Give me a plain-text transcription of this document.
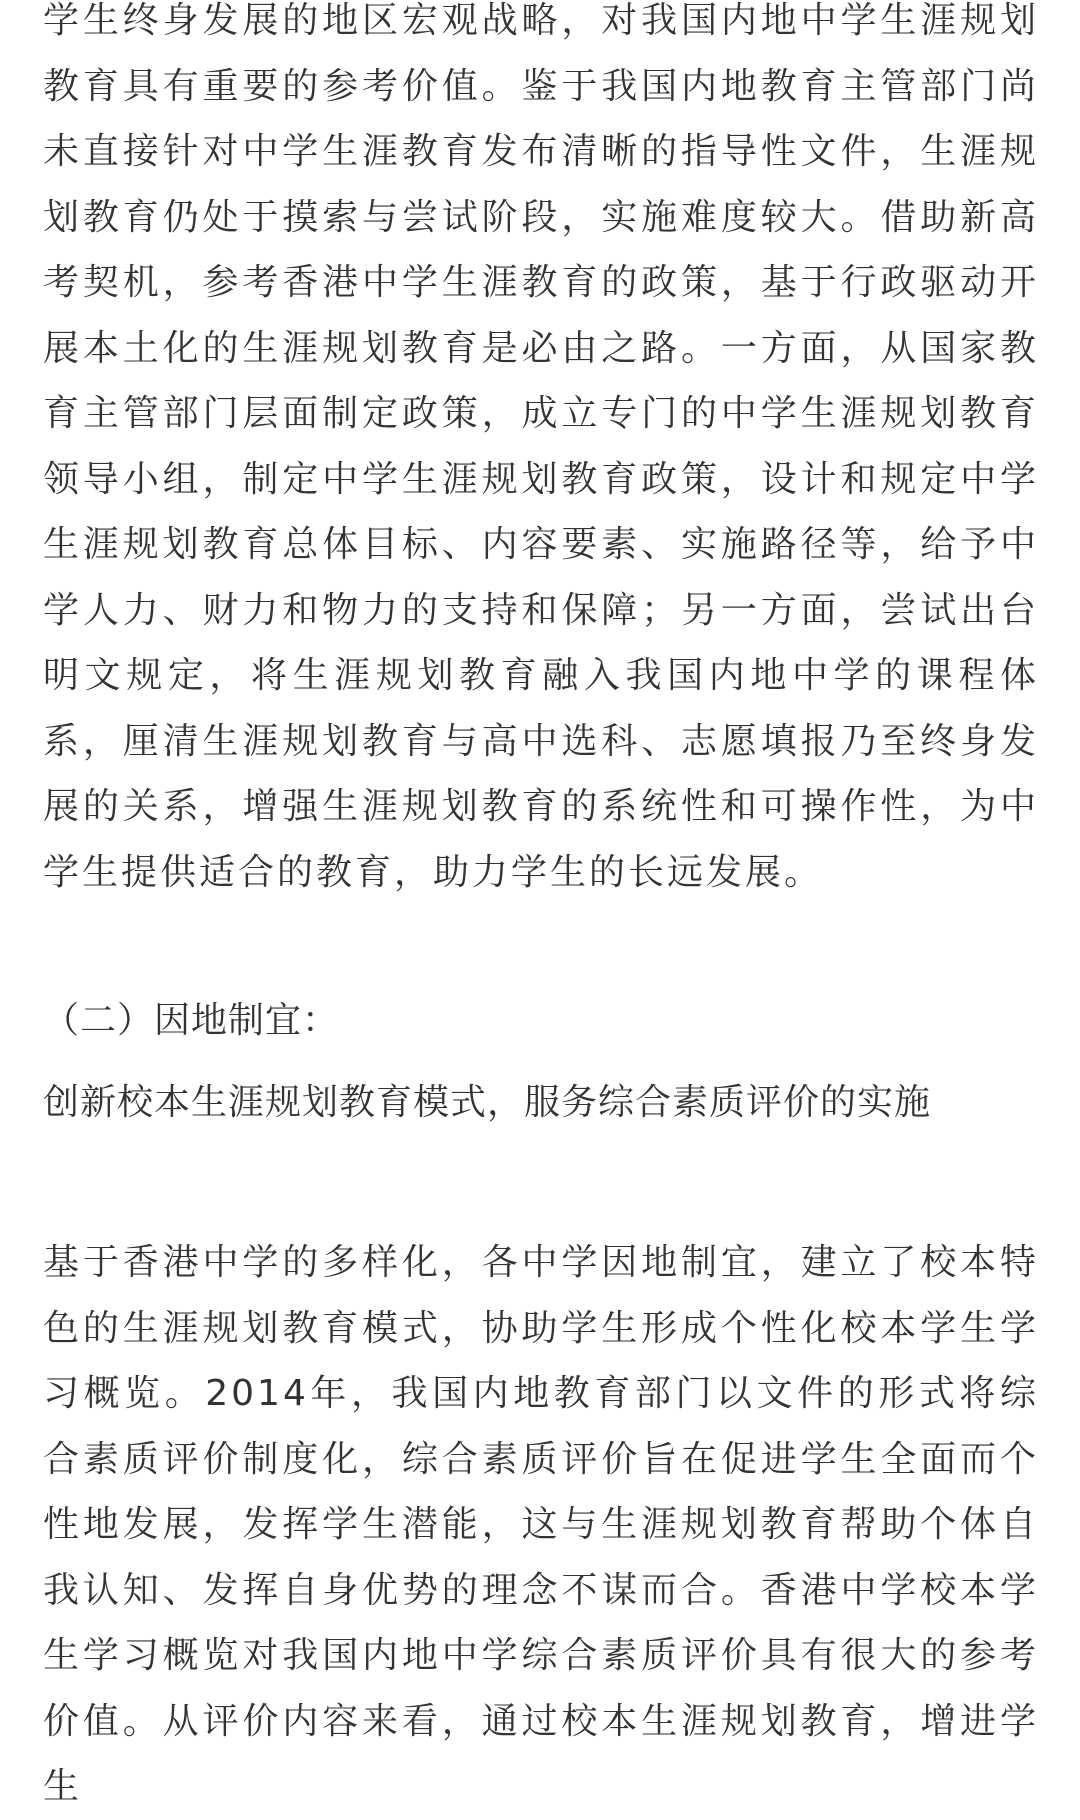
学生终身发展的地区宏观战略，对我国内地中学生涯规划教育具有重要的参考价值。鉴于我国内地教育主管部门尚未直接针对中学生涯教育发布清晰的指导性文件，生涯规划教育仍处于摸索与尝试阶段，实施难度较大。借助新高考契机，参考香港中学生涯教育的政策，基于行政驱动开展本土化的生涯规划教育是必由之路。一方面，从国家教育主管部门层面制定政策，成立专门的中学生涯规划教育领导小组，制定中学生涯规划教育政策，设计和规定中学生涯规划教育总体目标、内容要素、实施路径等，给予中学人力、财力和物力的支持和保障；另一方面，尝试出台明文规定，将生涯规划教育融入我国内地中学的课程体系，厘清生涯规划教育与高中选科、志愿填报乃至终身发展的关系，增强生涯规划教育的系统性和可操作性，为中学生提供适合的教育，助力学生的长远发展。

（二）因地制宜：

创新校本生涯规划教育模式，服务综合素质评价的实施

基于香港中学的多样化，各中学因地制宜，建立了校本特色的生涯规划教育模式，协助学生形成个性化校本学生学习概览。2014年，我国内地教育部门以文件的形式将综合素质评价制度化，综合素质评价旨在促进学生全面而个性地发展，发挥学生潜能，这与生涯规划教育帮助个体自我认知、发挥自身优势的理念不谋而合。香港中学校本学生学习概览对我国内地中学综合素质评价具有很大的参考价值。从评价内容来看，通过校本生涯规划教育，增进学生
